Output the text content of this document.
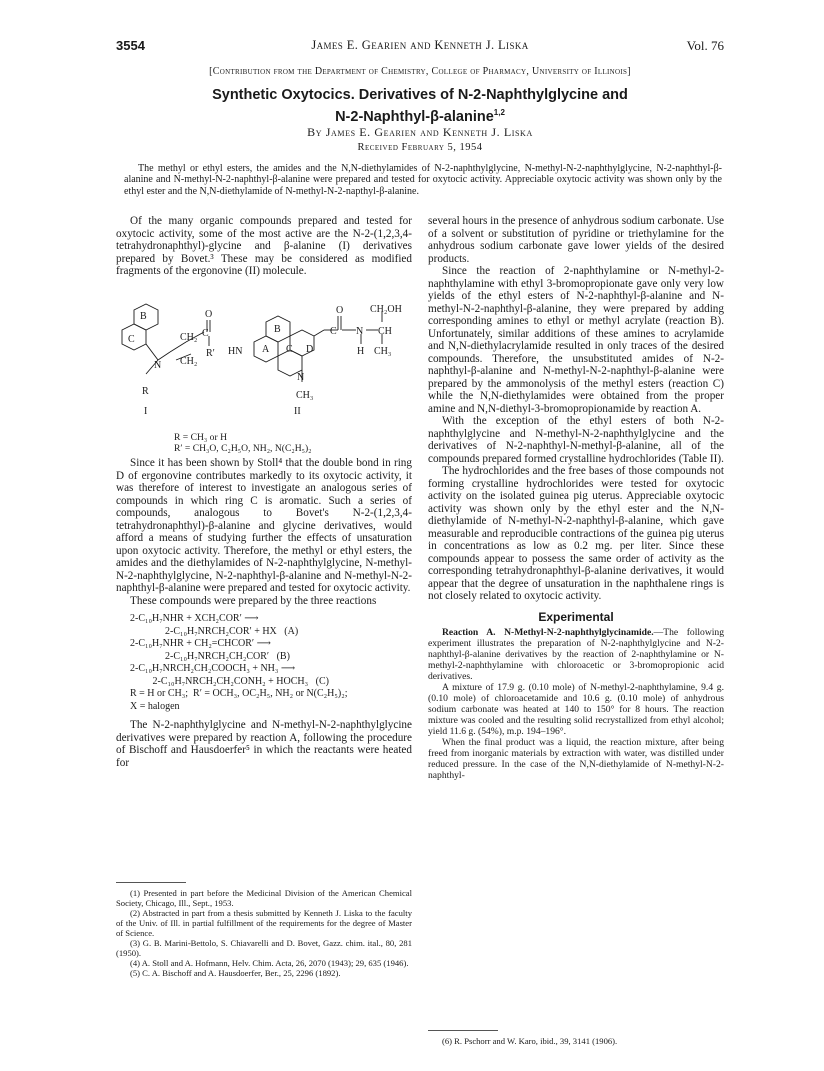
3554	James E. Gearien and Kenneth J. Liska	Vol. 76
[Contribution from the Department of Chemistry, College of Pharmacy, University of Illinois]
Synthetic Oxytocics. Derivatives of N-2-Naphthylglycine and
N-2-Naphthyl-β-alanine$^{1,2}$
By James E. Gearien and Kenneth J. Liska
Received February 5, 1954
The methyl or ethyl esters, the amides and the N,N-diethylamides of N-2-naphthylglycine, N-methyl-N-2-naphthylglycine, N-2-naphthyl-β-alanine and N-methyl-N-2-naphthyl-β-alanine were prepared and tested for oxytocic activity. Appreciable oxytocic activity was shown only by the ethyl ester and the N,N-diethylamide of N-methyl-N-2-napthyl-β-alanine.

Of the many organic compounds prepared and tested for oxytocic activity, some of the most active are the N-2-(1,2,3,4-tetrahydronaphthyl)-glycine and β-alanine (I) derivatives prepared by Bovet.³ These may be considered as modified fragments of the ergonovine (II) molecule.

B
C	CH₂
O
C
CH₂
R′
N
R
I
B
HN A C D
N
CH₃
II
O
C N
H
CH
CH₂OH
CH₃

R = CH₃ or H

R′ = CH₃O, C₂H₅O, NH₂, N(C₂H₅)₂

Since it has been shown by Stoll⁴ that the double bond in ring D of ergonovine contributes markedly to its oxytocic activity, it was therefore of interest to investigate an analogous series of compounds in which ring C is aromatic. Such a series of compounds, analogous to Bovet's N-2-(1,2,3,4-tetrahydronaphthyl)-β-alanine and glycine derivatives, would afford a means of studying further the effects of unsaturation upon oxytocic activity. Therefore, the methyl or ethyl esters, the amides and the diethylamides of N-2-naphthylglycine, N-methyl-N-2-naphthylglycine, N-2-naphthyl-β-alanine and N-methyl-N-2-naphthyl-β-alanine were prepared and tested for oxytocic activity.

These compounds were prepared by the three reactions

2-C₁₀H₇NHR + XCH₂COR′ ⟶

2-C₁₀H₇NRCH₂COR′ + HX   (A)

2-C₁₀H₇NHR + CH₂=CHCOR′ ⟶

2-C₁₀H₇NRCH₂CH₂COR′   (B)

2-C₁₀H₇NRCH₂CH₂COOCH₃ + NH₃ ⟶

2-C₁₀H₇NRCH₂CH₂CONH₂ + HOCH₃   (C)

R = H or CH₃;  R′ = OCH₃, OC₂H₅, NH₂ or N(C₂H₅)₂;

X = halogen

The N-2-naphthylglycine and N-methyl-N-2-naphthylglycine derivatives were prepared by reaction A, following the procedure of Bischoff and Hausdoerfer⁵ in which the reactants were heated for

(1) Presented in part before the Medicinal Division of the American Chemical Society, Chicago, Ill., Sept., 1953.

(2) Abstracted in part from a thesis submitted by Kenneth J. Liska to the faculty of the Univ. of Ill. in partial fulfillment of the requirements for the degree of Master of Science.

(3) G. B. Marini-Bettolo, S. Chiavarelli and D. Bovet, Gazz. chim. ital., 80, 281 (1950).

(4) A. Stoll and A. Hofmann, Helv. Chim. Acta, 26, 2070 (1943); 29, 635 (1946).

(5) C. A. Bischoff and A. Hausdoerfer, Ber., 25, 2296 (1892).

several hours in the presence of anhydrous sodium carbonate. Use of a solvent or substitution of pyridine or triethylamine for the anhydrous sodium carbonate gave lower yields of the desired products.

Since the reaction of 2-naphthylamine or N-methyl-2-naphthylamine with ethyl 3-bromopropionate gave only very low yields of the ethyl esters of N-2-naphthyl-β-alanine and N-methyl-N-2-naphthyl-β-alanine, they were prepared by adding corresponding amines to ethyl or methyl acrylate (reaction B). Unfortunately, similar additions of these amines to acrylamide and N,N-diethylacrylamide resulted in only traces of the desired compounds. Therefore, the unsubstituted amides of N-2-naphthyl-β-alanine and N-methyl-N-2-naphthyl-β-alanine were prepared by the ammonolysis of the methyl esters (reaction C) while the N,N-diethylamides were obtained from the proper amine and N,N-diethyl-3-bromopropionamide by reaction A.

With the exception of the ethyl esters of both N-2-naphthylglycine and N-methyl-N-2-naphthylglycine and the derivatives of N-2-naphthyl-N-methyl-β-alanine, all of the compounds prepared formed crystalline hydrochlorides (Table II).

The hydrochlorides and the free bases of those compounds not forming crystalline hydrochlorides were tested for oxytocic activity on the isolated guinea pig uterus. Appreciable oxytocic activity was shown only by the ethyl ester and the N,N-diethylamide of N-methyl-N-2-naphthyl-β-alanine, which gave measurable and reproducible contractions of the guinea pig uterus in concentrations as low as 0.2 mg. per liter. Since these compounds appear to possess the same order of activity as the corresponding tetrahydronaphthyl-β-alanine derivatives, it would appear that the degree of unsaturation in the naphthalene rings is not closely related to oxytocic activity.

Experimental

Reaction A. N-Methyl-N-2-naphthylglycinamide.—The following experiment illustrates the preparation of N-2-naphthylglycine and N-2-naphthyl-β-alanine derivatives by the reaction of 2-naphthylamine or N-methyl-2-naphthylamine with chloroacetic or 3-bromopropionic acid derivatives.

A mixture of 17.9 g. (0.10 mole) of N-methyl-2-naphthylamine, 9.4 g. (0.10 mole) of chloroacetamide and 10.6 g. (0.10 mole) of anhydrous sodium carbonate was heated at 140 to 150° for 8 hours. The reaction mixture was cooled and the resulting solid recrystallized from ethyl alcohol; yield 11.6 g. (54%), m.p. 194–196°.

When the final product was a liquid, the reaction mixture, after being freed from inorganic materials by extraction with water, was distilled under reduced pressure. In the case of the N,N-diethylamide of N-methyl-N-2-naphthyl-

(6) R. Pschorr and W. Karo, ibid., 39, 3141 (1906).
